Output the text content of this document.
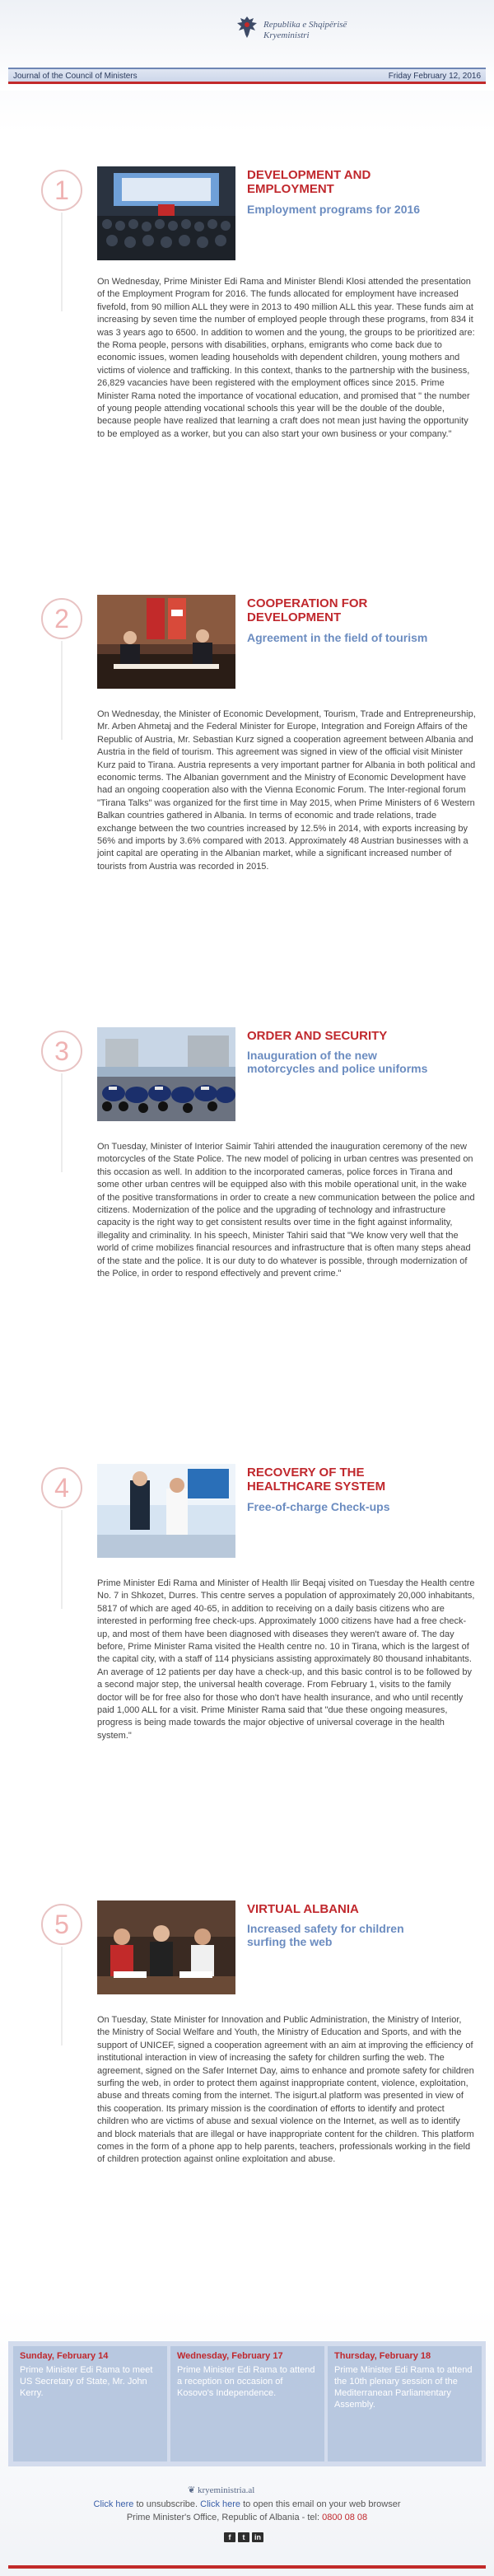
Republika e Shqipërisë
Kryeministri
Journal of the Council of Ministers	Friday February 12, 2016
1
DEVELOPMENT AND EMPLOYMENT
Employment programs for 2016
On Wednesday, Prime Minister Edi Rama and Minister Blendi Klosi attended the presentation of the Employment Program for 2016. The funds allocated for employment have increased fivefold, from 90 million ALL they were in 2013 to 490 million ALL this year. These funds aim at increasing by seven time the number of employed people through these programs, from 834 it was 3 years ago to 6500. In addition to women and the young, the groups to be prioritized are: the Roma people, persons with disabilities, orphans, emigrants who come back due to economic issues, women leading households with dependent children, young mothers and victims of violence and trafficking. In this context, thanks to the partnership with the business, 26,829 vacancies have been registered with the employment offices since 2015. Prime Minister Rama noted the importance of vocational education, and promised that " the number of young people attending vocational schools this year will be the double of the double, because people have realized that learning a craft does not mean just having the opportunity to be employed as a worker, but you can also start your own business or your company."
2
COOPERATION FOR DEVELOPMENT
Agreement in the field of tourism
On Wednesday, the Minister of Economic Development, Tourism, Trade and Entrepreneurship, Mr. Arben Ahmetaj and the Federal Minister for Europe, Integration and Foreign Affairs of the Republic of Austria, Mr. Sebastian Kurz signed a cooperation agreement between Albania and Austria in the field of tourism. This agreement was signed in view of the official visit Minister Kurz paid to Tirana. Austria represents a very important partner for Albania in both political and economic terms. The Albanian government and the Ministry of Economic Development have had an ongoing cooperation also with the Vienna Economic Forum. The Inter-regional forum "Tirana Talks" was organized for the first time in May 2015, when Prime Ministers of 6 Western Balkan countries gathered in Albania. In terms of economic and trade relations, trade exchange between the two countries increased by 12.5% in 2014, with exports increasing by 56% and imports by 3.6% compared with 2013. Approximately 48 Austrian businesses with a joint capital are operating in the Albanian market, while a significant increased number of tourists from Austria was recorded in 2015.
3
ORDER AND SECURITY
Inauguration of the new motorcycles and police uniforms
On Tuesday, Minister of Interior Saimir Tahiri attended the inauguration ceremony of the new motorcycles of the State Police. The new model of policing in urban centres was presented on this occasion as well. In addition to the incorporated cameras, police forces in Tirana and some other urban centres will be equipped also with this mobile operational unit, in the wake of the positive transformations in order to create a new communication between the police and citizens. Modernization of the police and the upgrading of technology and infrastructure capacity is the right way to get consistent results over time in the fight against informality, illegality and criminality. In his speech, Minister Tahiri said that "We know very well that the world of crime mobilizes financial resources and infrastructure that is often many steps ahead of the state and the police. It is our duty to do whatever is possible, through modernization of the Police, in order to respond effectively and prevent crime."
4
RECOVERY OF THE HEALTHCARE SYSTEM
Free-of-charge Check-ups
Prime Minister Edi Rama and Minister of Health Ilir Beqaj visited on Tuesday the Health centre No. 7 in Shkozet, Durres. This centre serves a population of approximately 20,000 inhabitants, 5817 of which are aged 40-65, in addition to receiving on a daily basis citizens who are interested in performing free check-ups. Approximately 1000 citizens have had a free check-up, and most of them have been diagnosed with diseases they weren't aware of. The day before, Prime Minister Rama visited the Health centre no. 10 in Tirana, which is the largest of the capital city, with a staff of 114 physicians assisting approximately 80 thousand inhabitants. An average of 12 patients per day have a check-up, and this basic control is to be followed by a second major step, the universal health coverage. From February 1, visits to the family doctor will be for free also for those who don't have health insurance, and who until recently paid 1,000 ALL for a visit. Prime Minister Rama said that "due these ongoing measures, progress is being made towards the major objective of universal coverage in the health system."
5
VIRTUAL ALBANIA
Increased safety for children surfing the web
On Tuesday, State Minister for Innovation and Public Administration, the Ministry of Interior, the Ministry of Social Welfare and Youth, the Ministry of Education and Sports, and with the support of UNICEF, signed a cooperation agreement with an aim at improving the efficiency of institutional interaction in view of increasing the safety for children surfing the web. The agreement, signed on the Safer Internet Day, aims to enhance and promote safety for children surfing the web, in order to protect them against inappropriate content, violence, exploitation, abuse and threats coming from the internet. The isigurt.al platform was presented in view of this cooperation. Its primary mission is the coordination of efforts to identify and protect children who are victims of abuse and sexual violence on the Internet, as well as to identify and block materials that are illegal or have inappropriate content for the children. This platform comes in the form of a phone app to help parents, teachers, professionals working in the field of children protection against online exploitation and abuse.
Sunday, February 14
Prime Minister Edi Rama to meet US Secretary of State, Mr. John Kerry.
Wednesday, February 17
Prime Minister Edi Rama to attend a reception on occasion of Kosovo's Independence.
Thursday, February 18
Prime Minister Edi Rama to attend the 10th plenary session of the Mediterranean Parliamentary Assembly.
❦ kryeministria.al
Click here to unsubscribe. Click here to open this email on your web browser
Prime Minister's Office, Republic of Albania - tel: 0800 08 08
f t in
